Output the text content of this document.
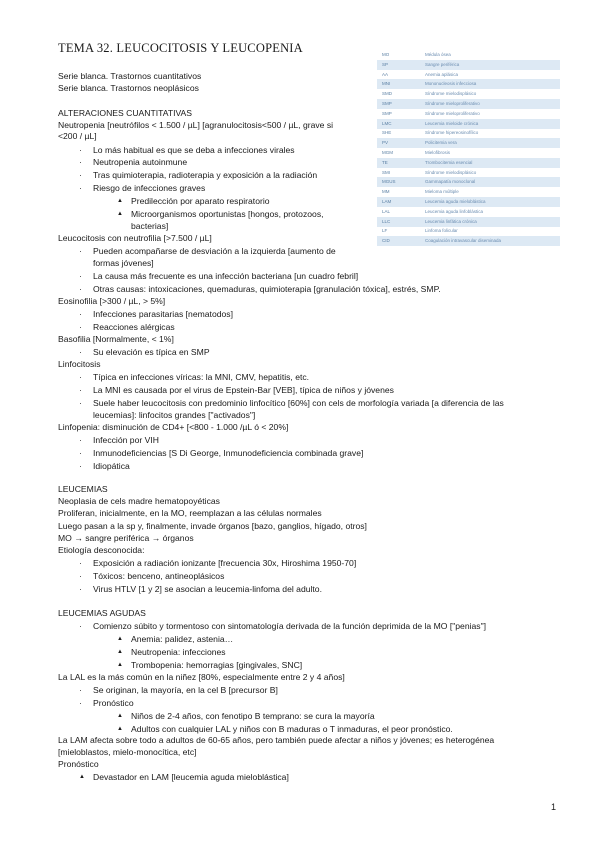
TEMA 32. LEUCOCITOSIS Y LEUCOPENIA
Serie blanca. Trastornos cuantitativos
Serie blanca. Trastornos neoplásicos
MO	Médula ósea
SP	Sangre periférica
AA	Anemia aplásica
MNI	Mononucleosis infecciosa
SMD	Síndrome mielodisplásico
SMP	Síndrome mieloproliferativo
SMP	Síndrome mieloproliferativo
LMC	Leucemia mieloide crónica
SHE	Síndrome hipereosinofílico
PV	Policitemia vera
MGM	Mielofibrosis
TE	Trombocitemia esencial
SMI	Síndrome mielodisplásico
MGUS	Gammapatía monoclonal
MM	Mieloma múltiple
LAM	Leucemia aguda mieloblástica
LAL	Leucemia aguda linfoblástica
LLC	Leucemia linfática crónica
LF	Linfoma folicular
CID	Coagulación intravascular diseminada
ALTERACIONES CUANTITATIVAS
Neutropenia [neutrófilos < 1.500 / µL] [agranulocitosis<500 / µL, grave si
<200 / µL]
Lo más habitual es que se deba a infecciones virales
·
Neutropenia autoinmune
·
Tras quimioterapia, radioterapia y exposición a la radiación
·
Riesgo de infecciones graves
·
Predilección por aparato respiratorio
▲
Microorganismos oportunistas [hongos, protozoos,
▲
bacterias]
Leucocitosis con neutrofilia [>7.500 / µL]
Pueden acompañarse de desviación a la izquierda [aumento de
·
formas jóvenes]
La causa más frecuente es una infección bacteriana [un cuadro febril]
·
Otras causas: intoxicaciones, quemaduras, quimioterapia [granulación tóxica], estrés, SMP.
·
Eosinofilia [>300 / µL, > 5%]
Infecciones parasitarias [nematodos]
·
Reacciones alérgicas
·
Basofilia [Normalmente, < 1%]
Su elevación es típica en SMP
·
Linfocitosis
Típica en infecciones víricas: la MNI, CMV, hepatitis, etc.
·
La MNI es causada por el virus de Epstein-Bar [VEB], típica de niños y jóvenes
·
Suele haber leucocitosis con predominio linfocítico [60%] con cels de morfología variada [a diferencia de las
·
leucemias]: linfocitos grandes ["activados"]
Linfopenia: disminución de CD4+ [<800 - 1.000 /µL ó < 20%]
Infección por VIH
·
Inmunodeficiencias [S Di George, Inmunodeficiencia combinada grave]
·
Idiopática
·
LEUCEMIAS
Neoplasia de cels madre hematopoyéticas
Proliferan, inicialmente, en la MO, reemplazan a las células normales
Luego pasan a la sp y, finalmente, invade órganos [bazo, ganglios, hígado, otros]
MO → sangre periférica → órganos
Etiología desconocida:
Exposición a radiación ionizante [frecuencia 30x, Hiroshima 1950-70]
·
Tóxicos: benceno, antineoplásicos
·
Virus HTLV [1 y 2] se asocian a leucemia-linfoma del adulto.
·
LEUCEMIAS AGUDAS
Comienzo súbito y tormentoso con sintomatología derivada de la función deprimida de la MO ["penias"]
·
Anemia: palidez, astenia…
▲
Neutropenia: infecciones
▲
Trombopenia: hemorragias [gingivales, SNC]
▲
La LAL es la más común en la niñez [80%, especialmente entre 2 y 4 años]
Se originan, la mayoría, en la cel B [precursor B]
·
Pronóstico
·
Niños de 2-4 años, con fenotipo B temprano: se cura la mayoría
▲
Adultos con cualquier LAL y niños con B maduras o T inmaduras, el peor pronóstico.
▲
La LAM afecta sobre todo a adultos de 60-65 años, pero también puede afectar a niños y jóvenes; es heterogénea
[mieloblastos, mielo-monocítica, etc]
Pronóstico
Devastador en LAM [leucemia aguda mieloblástica]
▲
1
